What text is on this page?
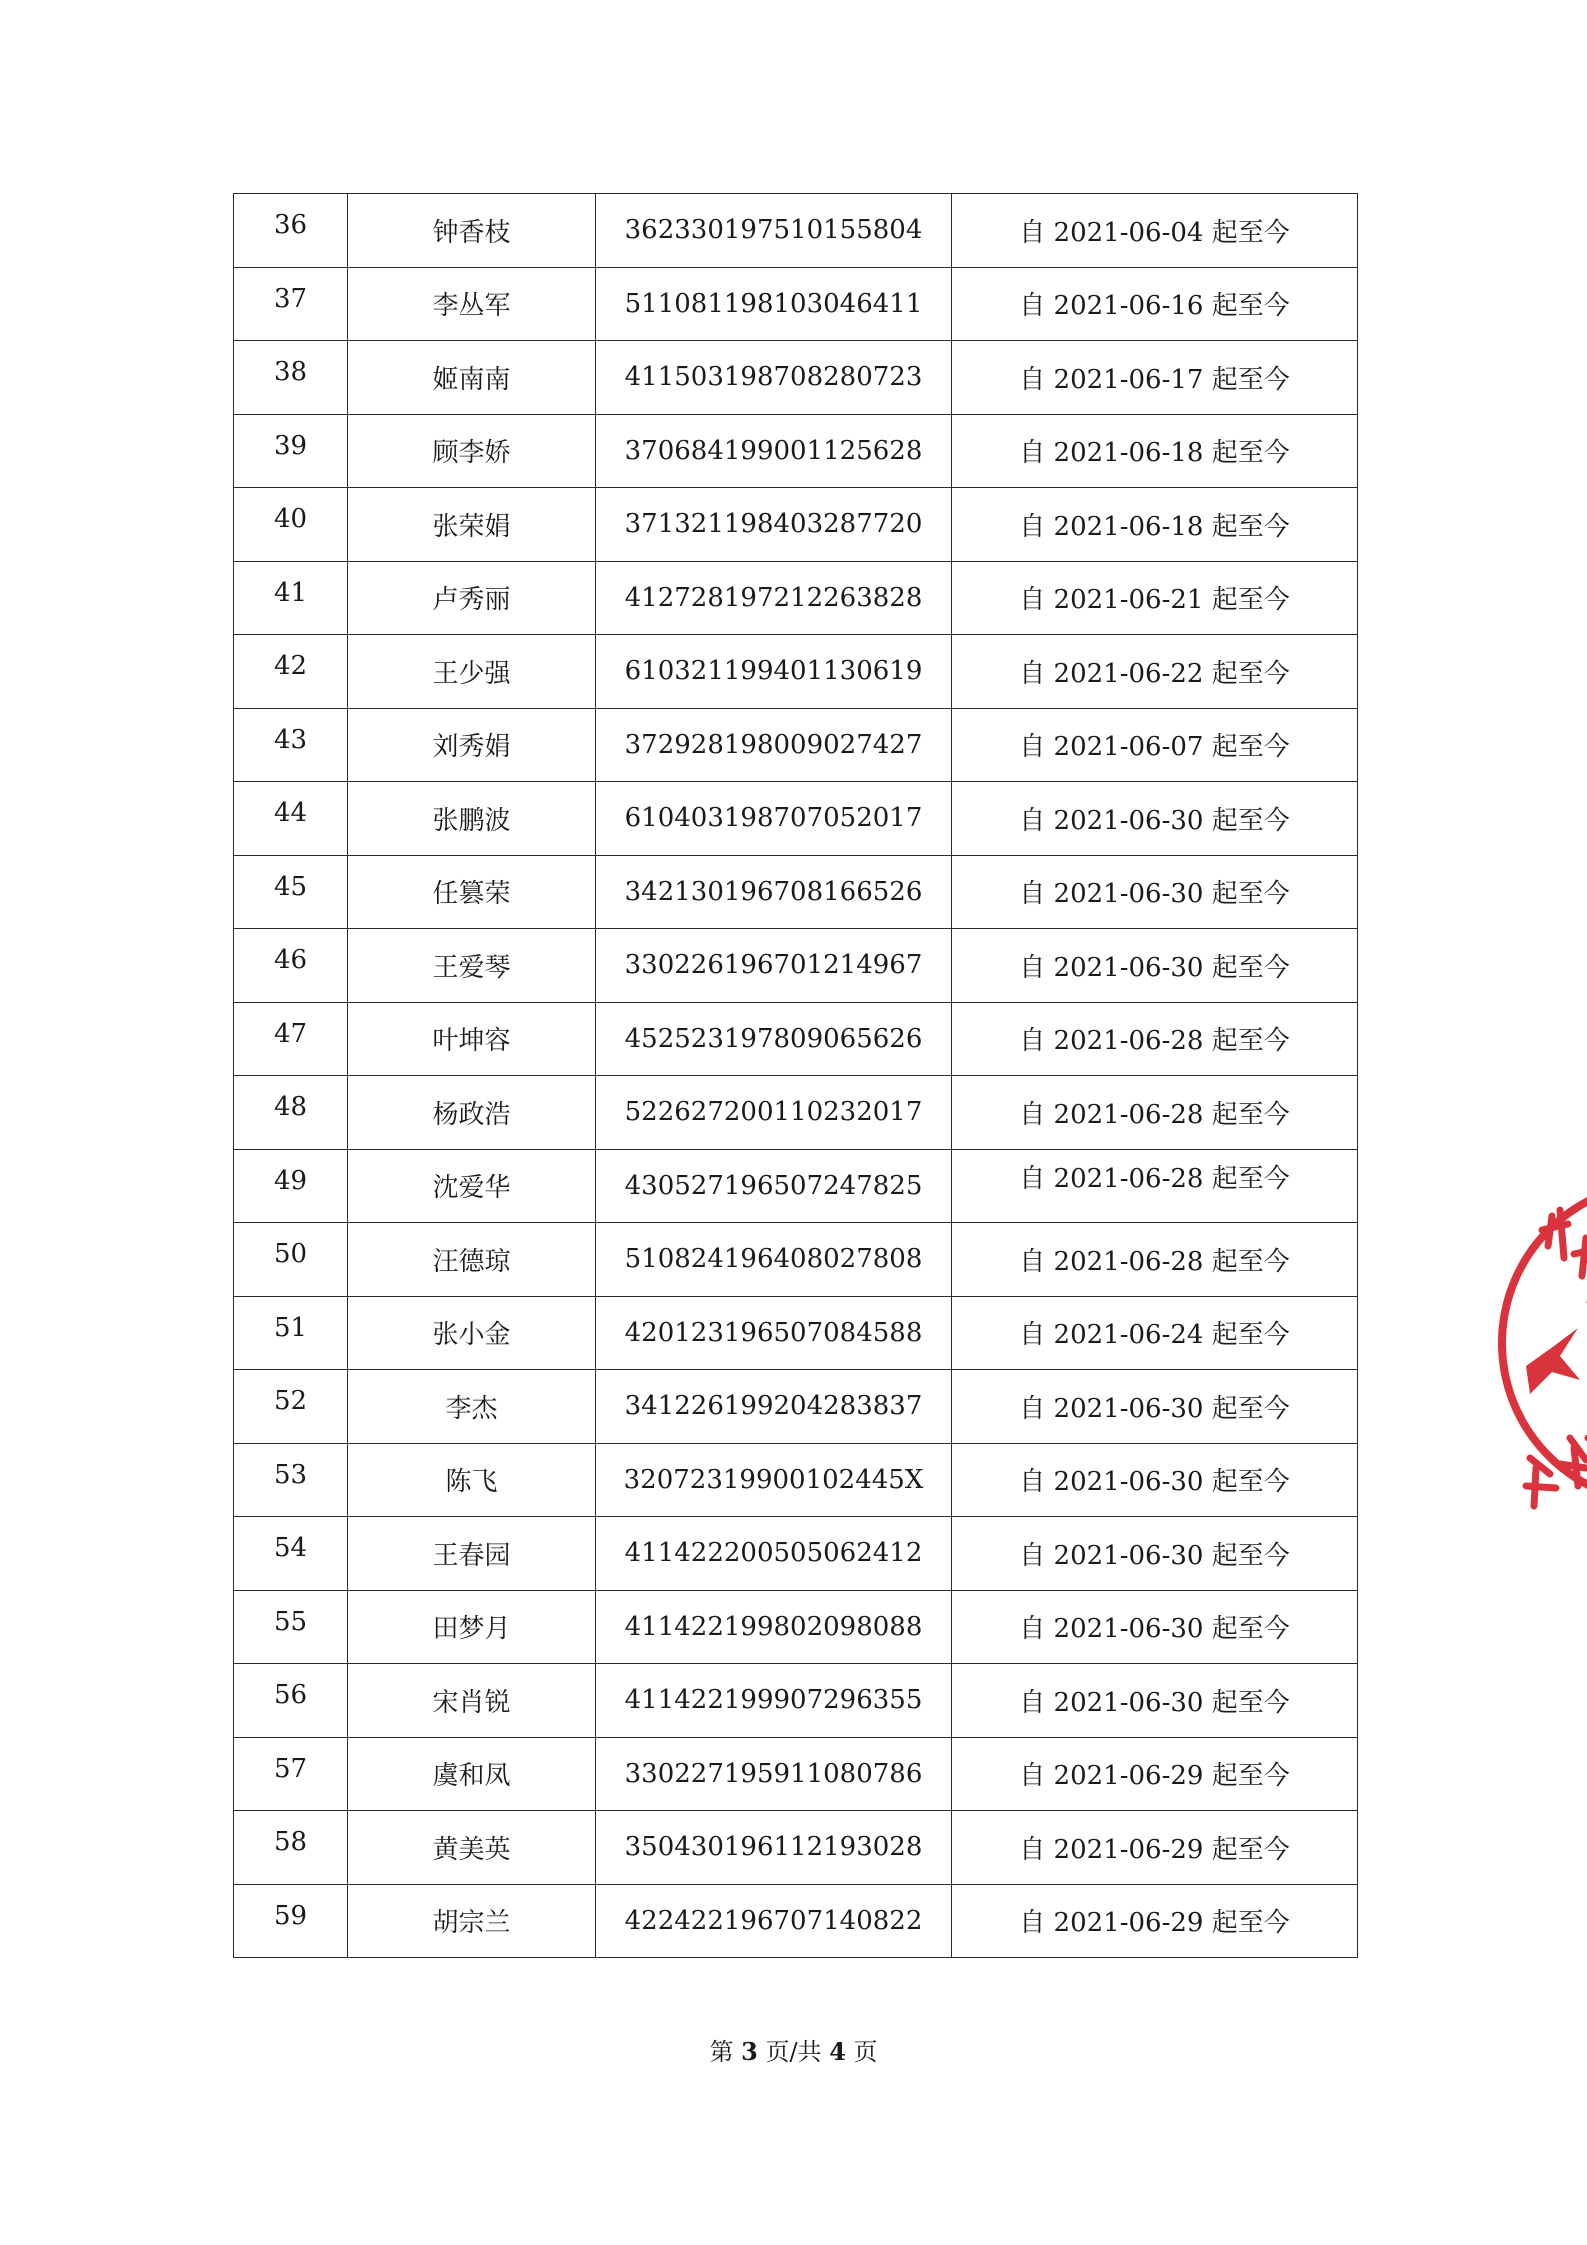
36	钟香枝	362330197510155804	自 2021-06-04 起至今
37	李丛军	511081198103046411	自 2021-06-16 起至今
38	姬南南	411503198708280723	自 2021-06-17 起至今
39	顾李娇	370684199001125628	自 2021-06-18 起至今
40	张荣娟	371321198403287720	自 2021-06-18 起至今
41	卢秀丽	412728197212263828	自 2021-06-21 起至今
42	王少强	610321199401130619	自 2021-06-22 起至今
43	刘秀娟	372928198009027427	自 2021-06-07 起至今
44	张鹏波	610403198707052017	自 2021-06-30 起至今
45	任篡荣	342130196708166526	自 2021-06-30 起至今
46	王爱琴	330226196701214967	自 2021-06-30 起至今
47	叶坤容	452523197809065626	自 2021-06-28 起至今
48	杨政浩	522627200110232017	自 2021-06-28 起至今
49	沈爱华	430527196507247825	自 2021-06-28 起至今
50	汪德琼	510824196408027808	自 2021-06-28 起至今
51	张小金	420123196507084588	自 2021-06-24 起至今
52	李杰	341226199204283837	自 2021-06-30 起至今
53	陈飞	32072319900102445X	自 2021-06-30 起至今
54	王春园	411422200505062412	自 2021-06-30 起至今
55	田梦月	411422199802098088	自 2021-06-30 起至今
56	宋肖锐	411422199907296355	自 2021-06-30 起至今
57	虞和凤	330227195911080786	自 2021-06-29 起至今
58	黄美英	350430196112193028	自 2021-06-29 起至今
59	胡宗兰	422422196707140822	自 2021-06-29 起至今
第 3 页/共 4 页
